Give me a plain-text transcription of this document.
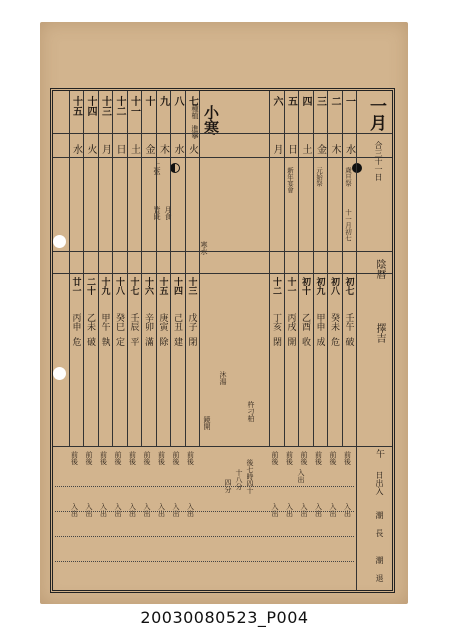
一月
合三十一日
陰暦
擇吉
午
日出入
潮
長
潮
退
小寒
種植
進擧
寒水
沐湯
杵刁柏
鏡開
上弦
月食
皆既
後七時四十
十八分
四分
入出
一
水
歲旦祭
十一月初七
二
木
三
金
元始祭
四
土
五
日
新年宴會
六
月
七
火
八
水
九
木
十
金
十一
土
十二
日
十三
月
十四
火
十五
水
初七
壬午
破
初八
癸未
危
初九
甲申
成
初十
乙酉
收
十一
丙戌
開
十二
丁亥
閉
十三
戊子
閉
十四
己丑
建
十五
庚寅
除
十六
辛卯
滿
十七
壬辰
平
十八
癸巳
定
十九
甲午
執
二十
乙未
破
廿一
丙申
危
前後
入出
前後
入出
前後
入出
前後
入出
前後
入出
前後
入出
前後
入出
前後
入出
前後
入出
前後
入出
前後
入出
前後
入出
前後
入出
前後
入出
前後
入出
20030080523_P004
